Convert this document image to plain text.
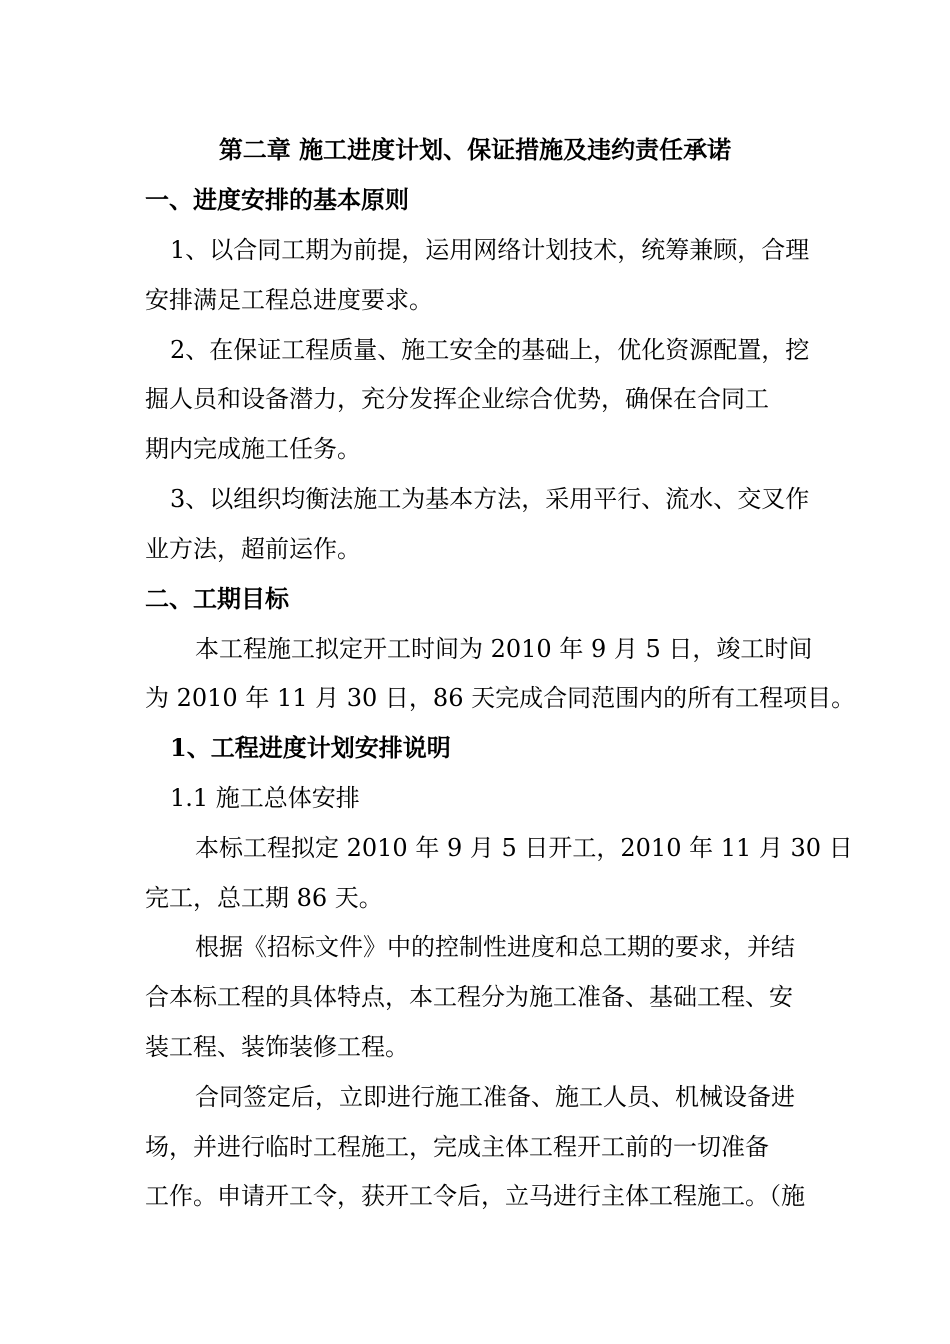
第二章 施工进度计划、保证措施及违约责任承诺
一、进度安排的基本原则
1、以合同工期为前提，运用网络计划技术，统筹兼顾，合理
安排满足工程总进度要求。
2、在保证工程质量、施工安全的基础上，优化资源配置，挖
掘人员和设备潜力，充分发挥企业综合优势，确保在合同工
期内完成施工任务。
3、以组织均衡法施工为基本方法，采用平行、流水、交叉作
业方法，超前运作。
二、工期目标
本工程施工拟定开工时间为 2010 年 9 月 5 日，竣工时间
为 2010 年 11 月 30 日，86 天完成合同范围内的所有工程项目。
1、工程进度计划安排说明
1.1 施工总体安排
本标工程拟定 2010 年 9 月 5 日开工，2010 年 11 月 30 日
完工，总工期 86 天。
根据《招标文件》中的控制性进度和总工期的要求，并结
合本标工程的具体特点，本工程分为施工准备、基础工程、安
装工程、装饰装修工程。
合同签定后，立即进行施工准备、施工人员、机械设备进
场，并进行临时工程施工，完成主体工程开工前的一切准备
工作。申请开工令，获开工令后，立马进行主体工程施工。（施
